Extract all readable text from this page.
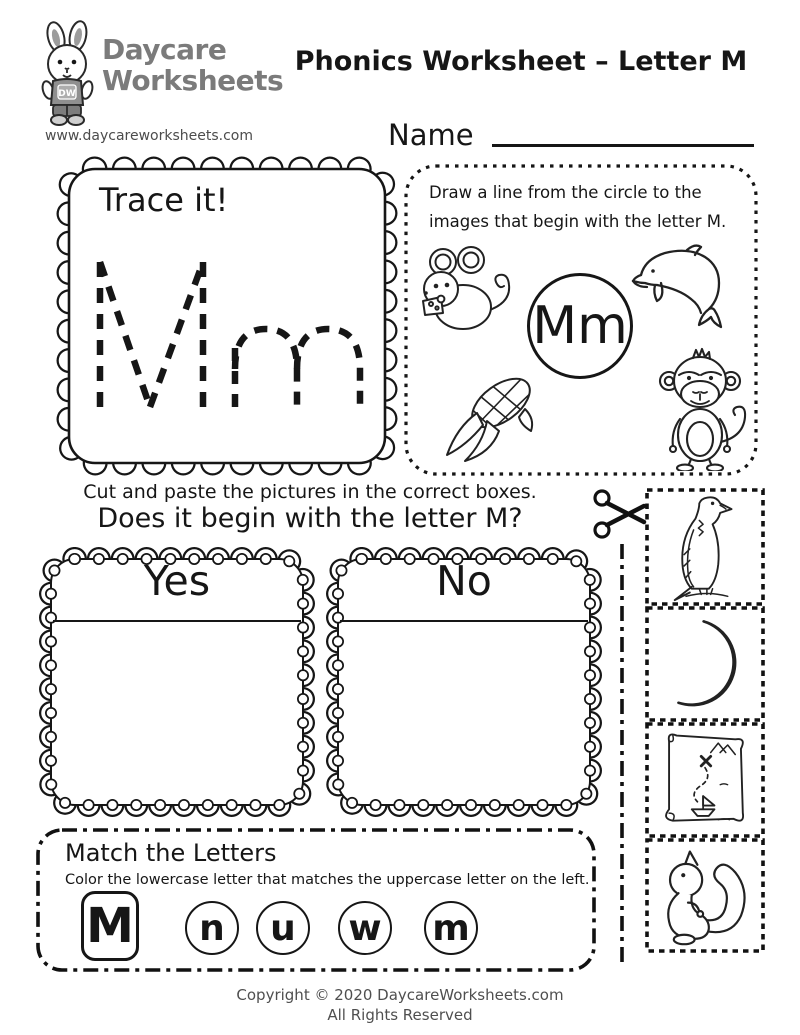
DW
Daycare
Worksheets
www.daycareworksheets.com
Phonics Worksheet – Letter M
Name
Trace it!	Draw a line from the circle to the
images that begin with the letter M.
Mm
Cut and paste the pictures in the correct boxes.
Does it begin with the letter M?
Yes	No
Match the Letters
Color the lowercase letter that matches the uppercase letter on the left.
M	n	u	w m
Copyright © 2020 DaycareWorksheets.com
All Rights Reserved
